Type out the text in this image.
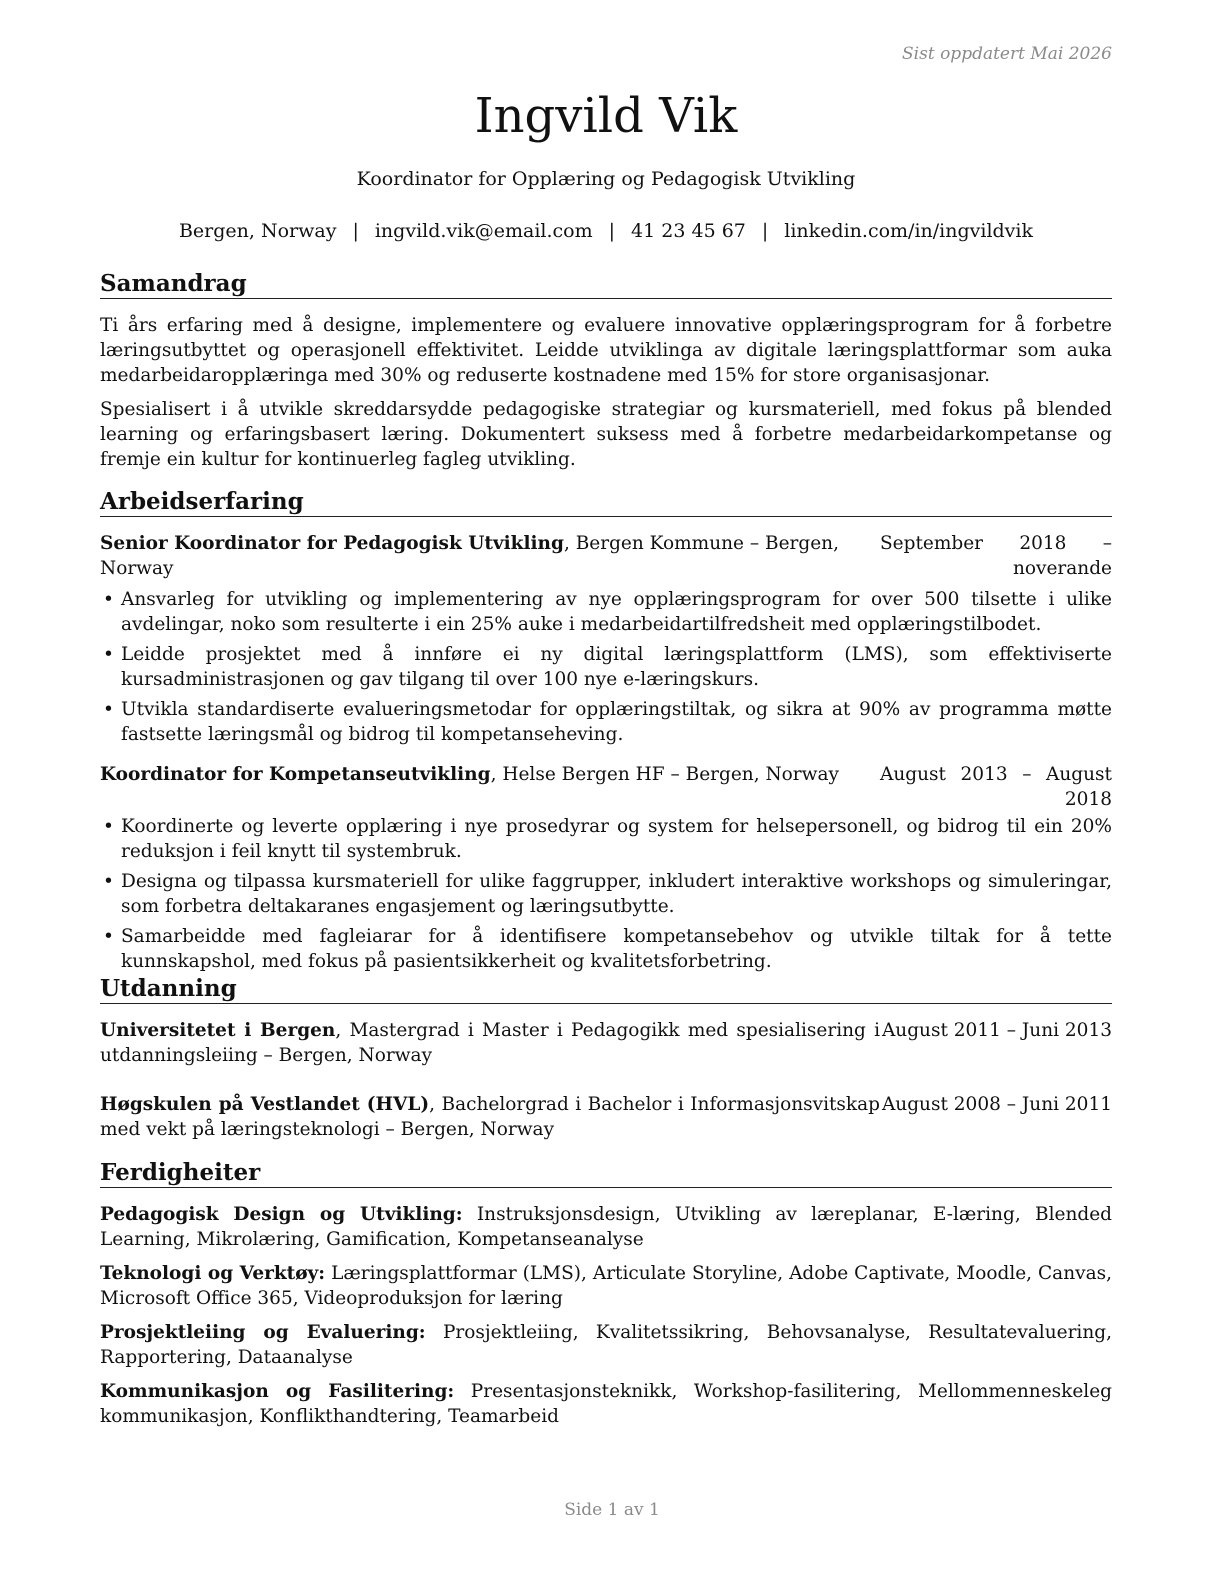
Sist oppdatert Mai 2026
Ingvild Vik
Koordinator for Opplæring og Pedagogisk Utvikling
Bergen, Norway | ingvild.vik@email.com | 41 23 45 67 | linkedin.com/in/ingvildvik
Samandrag

Ti års erfaring med å designe, implementere og evaluere innovative opplæringsprogram for å forbetre læringsutbyttet og operasjonell effektivitet. Leidde utviklinga av digitale læringsplattformar som auka medarbeidaropplæringa med 30% og reduserte kostnadene med 15% for store organisasjonar.

Spesialisert i å utvikle skreddarsydde pedagogiske strategiar og kursmateriell, med fokus på blended learning og erfaringsbasert læring. Dokumentert suksess med å forbetre medarbeidarkompetanse og fremje ein kultur for kontinuerleg fagleg utvikling.

Arbeidserfaring
Senior Koordinator for Pedagogisk Utvikling, Bergen Kommune – Bergen, Norway
September 2018 – noverande
• Ansvarleg for utvikling og implementering av nye opplæringsprogram for over 500 tilsette i ulike avdelingar, noko som resulterte i ein 25% auke i medarbeidartilfredsheit med opplæringstilbodet.
• Leidde prosjektet med å innføre ei ny digital læringsplattform (LMS), som effektiviserte kursadministrasjonen og gav tilgang til over 100 nye e-læringskurs.
• Utvikla standardiserte evalueringsmetodar for opplæringstiltak, og sikra at 90% av programma møtte fastsette læringsmål og bidrog til kompetanseheving.
Koordinator for Kompetanseutvikling, Helse Bergen HF – Bergen, Norway	August 2013 – August 2018
• Koordinerte og leverte opplæring i nye prosedyrar og system for helsepersonell, og bidrog til ein 20% reduksjon i feil knytt til systembruk.
• Designa og tilpassa kursmateriell for ulike faggrupper, inkludert interaktive workshops og simuleringar, som forbetra deltakaranes engasjement og læringsutbytte.
• Samarbeidde med fagleiarar for å identifisere kompetansebehov og utvikle tiltak for å tette kunnskapshol, med fokus på pasientsikkerheit og kvalitetsforbetring.
Utdanning
Universitetet i Bergen, Mastergrad i Master i Pedagogikk med spesialisering i utdanningsleiing – Bergen, Norway
August 2011 – Juni 2013
Høgskulen på Vestlandet (HVL), Bachelorgrad i Bachelor i Informasjonsvitskap med vekt på læringsteknologi – Bergen, Norway
August 2008 – Juni 2011
Ferdigheiter
Pedagogisk Design og Utvikling: Instruksjonsdesign, Utvikling av læreplanar, E-læring, Blended Learning, Mikrolæring, Gamification, Kompetanseanalyse
Teknologi og Verktøy: Læringsplattformar (LMS), Articulate Storyline, Adobe Captivate, Moodle, Canvas, Microsoft Office 365, Videoproduksjon for læring
Prosjektleiing og Evaluering: Prosjektleiing, Kvalitetssikring, Behovsanalyse, Resultatevaluering, Rapportering, Dataanalyse
Kommunikasjon og Fasilitering: Presentasjonsteknikk, Workshop-fasilitering, Mellommenneskeleg kommunikasjon, Konflikthandtering, Teamarbeid
Side 1 av 1
